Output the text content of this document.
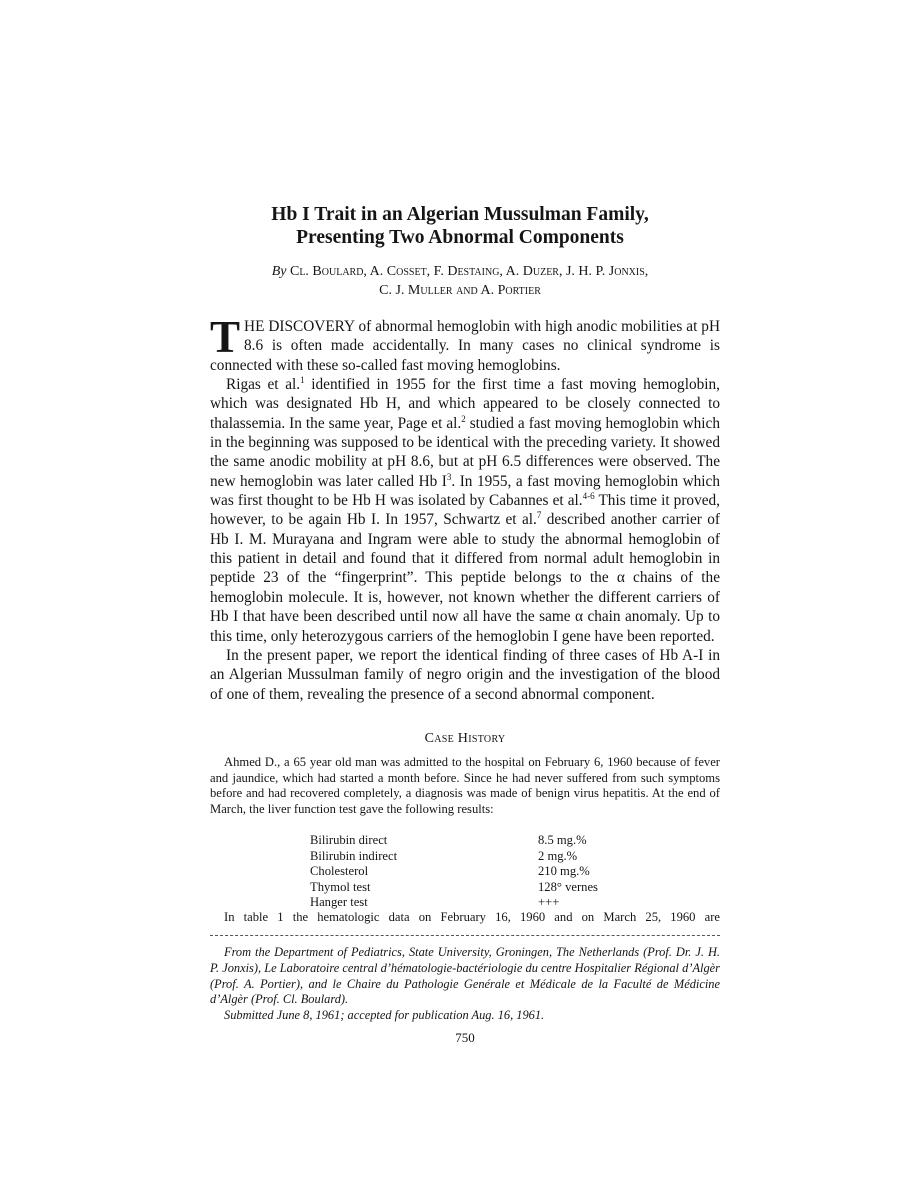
Hb I Trait in an Algerian Mussulman Family,
Presenting Two Abnormal Components
By Cl. Boulard, A. Cosset, F. Destaing, A. Duzer, J. H. P. Jonxis,
C. J. Muller and A. Portier

THE DISCOVERY of abnormal hemoglobin with high anodic mobilities at pH 8.6 is often made accidentally. In many cases no clinical syndrome is connected with these so-called fast moving hemoglobins.

Rigas et al.$^1$ identified in 1955 for the first time a fast moving hemoglobin, which was designated Hb H, and which appeared to be closely connected to thalassemia. In the same year, Page et al.$^2$ studied a fast moving hemoglobin which in the beginning was supposed to be identical with the preceding variety. It showed the same anodic mobility at pH 8.6, but at pH 6.5 differences were observed. The new hemoglobin was later called Hb $I^3$. In 1955, a fast moving hemoglobin which was first thought to be Hb H was isolated by Cabannes et al.$^{4-6}$ This time it proved, however, to be again Hb I. In 1957, Schwartz et al.$^7$ described another carrier of Hb I. M. Murayana and Ingram were able to study the abnormal hemoglobin of this patient in detail and found that it differed from normal adult hemoglobin in peptide 23 of the “fingerprint”. This peptide belongs to the α chains of the hemoglobin molecule. It is, however, not known whether the different carriers of Hb I that have been described until now all have the same α chain anomaly. Up to this time, only heterozygous carriers of the hemoglobin I gene have been reported.

In the present paper, we report the identical finding of three cases of Hb A-I in an Algerian Mussulman family of negro origin and the investigation of the blood of one of them, revealing the presence of a second abnormal component.

Case History

Ahmed D., a 65 year old man was admitted to the hospital on February 6, 1960 because of fever and jaundice, which had started a month before. Since he had never suffered from such symptoms before and had recovered completely, a diagnosis was made of benign virus hepatitis. At the end of March, the liver function test gave the following results:

Bilirubin direct	8.5 mg.%
Bilirubin indirect	2 mg.%
Cholesterol	210 mg.%
Thymol test	128° vernes
Hanger test	+++
In table 1 the hematologic data on February 16, 1960 and on March 25, 1960 are

From the Department of Pediatrics, State University, Groningen, The Netherlands (Prof. Dr. J. H. P. Jonxis), Le Laboratoire central d’hématologie-bactériologie du centre Hospitalier Régional d’Algèr (Prof. A. Portier), and le Chaire du Pathologie Genérale et Médicale de la Faculté de Médicine d’Algèr (Prof. Cl. Boulard).

Submitted June 8, 1961; accepted for publication Aug. 16, 1961.

750
